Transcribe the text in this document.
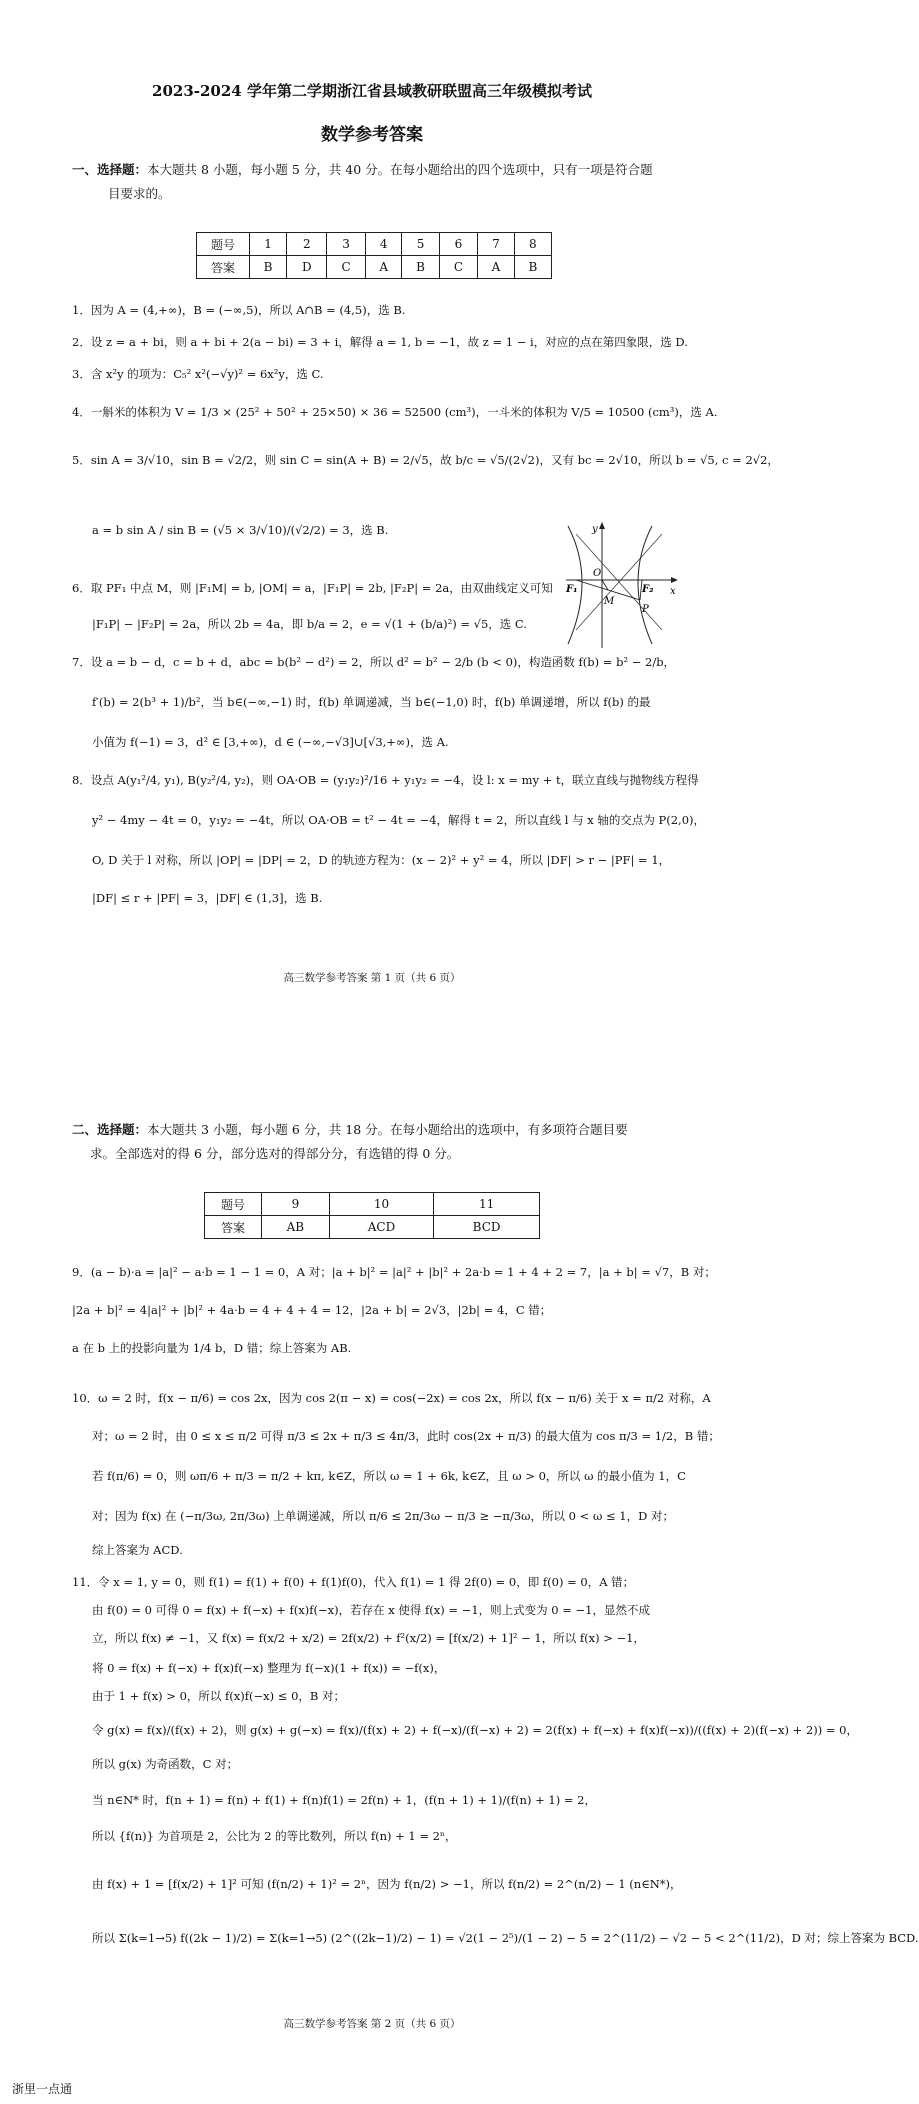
2023-2024 学年第二学期浙江省县域教研联盟高三年级模拟考试
数学参考答案
一、选择题：本大题共 8 小题，每小题 5 分，共 40 分。在每小题给出的四个选项中，只有一项是符合题
目要求的。
题号	1	2	3	4	5	6	7	8
答案	B	D	C	A	B	C	A	B
1．因为 A = (4,+∞)，B = (−∞,5)，所以 A∩B = (4,5)，选 B.
2．设 z = a + bi，则 a + bi + 2(a − bi) = 3 + i，解得 a = 1, b = −1，故 z = 1 − i，对应的点在第四象限，选 D.
3．含 x²y 的项为：C₅² x²(−√y)² = 6x²y，选 C.
4．一斛米的体积为 V = 1/3 × (25² + 50² + 25×50) × 36 = 52500 (cm³)，一斗米的体积为 V/5 = 10500 (cm³)，选 A.
5．sin A = 3/√10，sin B = √2/2，则 sin C = sin(A + B) = 2/√5，故 b/c = √5/(2√2)，又有 bc = 2√10，所以 b = √5, c = 2√2，
a = b sin A / sin B = (√5 × 3/√10)/(√2/2) = 3，选 B.
6．取 PF₁ 中点 M，则 |F₁M| = b, |OM| = a，|F₁P| = 2b, |F₂P| = 2a，由双曲线定义可知
|F₁P| − |F₂P| = 2a，所以 2b = 4a，即 b/a = 2，e = √(1 + (b/a)²) = √5，选 C.
y
x
O
F₁	F₂
M
P
7．设 a = b − d，c = b + d，abc = b(b² − d²) = 2，所以 d² = b² − 2/b (b < 0)，构造函数 f(b) = b² − 2/b，
f′(b) = 2(b³ + 1)/b²，当 b∈(−∞,−1) 时，f(b) 单调递减，当 b∈(−1,0) 时，f(b) 单调递增，所以 f(b) 的最
小值为 f(−1) = 3，d² ∈ [3,+∞)，d ∈ (−∞,−√3]∪[√3,+∞)，选 A.
8．设点 A(y₁²/4, y₁), B(y₂²/4, y₂)，则 OA·OB = (y₁y₂)²/16 + y₁y₂ = −4，设 l: x = my + t，联立直线与抛物线方程得
y² − 4my − 4t = 0，y₁y₂ = −4t，所以 OA·OB = t² − 4t = −4，解得 t = 2，所以直线 l 与 x 轴的交点为 P(2,0)，
O, D 关于 l 对称，所以 |OP| = |DP| = 2，D 的轨迹方程为：(x − 2)² + y² = 4，所以 |DF| > r − |PF| = 1，
|DF| ≤ r + |PF| = 3，|DF| ∈ (1,3]，选 B.
高三数学参考答案 第 1 页（共 6 页）
二、选择题：本大题共 3 小题，每小题 6 分，共 18 分。在每小题给出的选项中，有多项符合题目要
求。全部选对的得 6 分，部分选对的得部分分，有选错的得 0 分。
题号	9	10	11
答案	AB	ACD	BCD
9．(a − b)·a = |a|² − a·b = 1 − 1 = 0，A 对；|a + b|² = |a|² + |b|² + 2a·b = 1 + 4 + 2 = 7，|a + b| = √7，B 对；
|2a + b|² = 4|a|² + |b|² + 4a·b = 4 + 4 + 4 = 12，|2a + b| = 2√3，|2b| = 4，C 错；
a 在 b 上的投影向量为 1/4 b，D 错；综上答案为 AB.
10．ω = 2 时，f(x − π/6) = cos 2x，因为 cos 2(π − x) = cos(−2x) = cos 2x，所以 f(x − π/6) 关于 x = π/2 对称，A
对；ω = 2 时，由 0 ≤ x ≤ π/2 可得 π/3 ≤ 2x + π/3 ≤ 4π/3，此时 cos(2x + π/3) 的最大值为 cos π/3 = 1/2，B 错；
若 f(π/6) = 0，则 ωπ/6 + π/3 = π/2 + kπ, k∈Z，所以 ω = 1 + 6k, k∈Z，且 ω > 0，所以 ω 的最小值为 1，C
对；因为 f(x) 在 (−π/3ω, 2π/3ω) 上单调递减，所以 π/6 ≤ 2π/3ω − π/3 ≥ −π/3ω，所以 0 < ω ≤ 1，D 对；
综上答案为 ACD.
11．令 x = 1, y = 0，则 f(1) = f(1) + f(0) + f(1)f(0)，代入 f(1) = 1 得 2f(0) = 0，即 f(0) = 0，A 错；
由 f(0) = 0 可得 0 = f(x) + f(−x) + f(x)f(−x)，若存在 x 使得 f(x) = −1，则上式变为 0 = −1，显然不成
立，所以 f(x) ≠ −1，又 f(x) = f(x/2 + x/2) = 2f(x/2) + f²(x/2) = [f(x/2) + 1]² − 1，所以 f(x) > −1，
将 0 = f(x) + f(−x) + f(x)f(−x) 整理为 f(−x)(1 + f(x)) = −f(x)，
由于 1 + f(x) > 0，所以 f(x)f(−x) ≤ 0，B 对；
令 g(x) = f(x)/(f(x) + 2)，则 g(x) + g(−x) = f(x)/(f(x) + 2) + f(−x)/(f(−x) + 2) = 2(f(x) + f(−x) + f(x)f(−x))/((f(x) + 2)(f(−x) + 2)) = 0，
所以 g(x) 为奇函数，C 对；
当 n∈N* 时，f(n + 1) = f(n) + f(1) + f(n)f(1) = 2f(n) + 1，(f(n + 1) + 1)/(f(n) + 1) = 2，
所以 {f(n)} 为首项是 2，公比为 2 的等比数列，所以 f(n) + 1 = 2ⁿ，
由 f(x) + 1 = [f(x/2) + 1]² 可知 (f(n/2) + 1)² = 2ⁿ，因为 f(n/2) > −1，所以 f(n/2) = 2^(n/2) − 1 (n∈N*)，
所以 Σ(k=1→5) f((2k − 1)/2) = Σ(k=1→5) (2^((2k−1)/2) − 1) = √2(1 − 2⁵)/(1 − 2) − 5 = 2^(11/2) − √2 − 5 < 2^(11/2)，D 对；综上答案为 BCD.
高三数学参考答案 第 2 页（共 6 页）
浙里一点通
